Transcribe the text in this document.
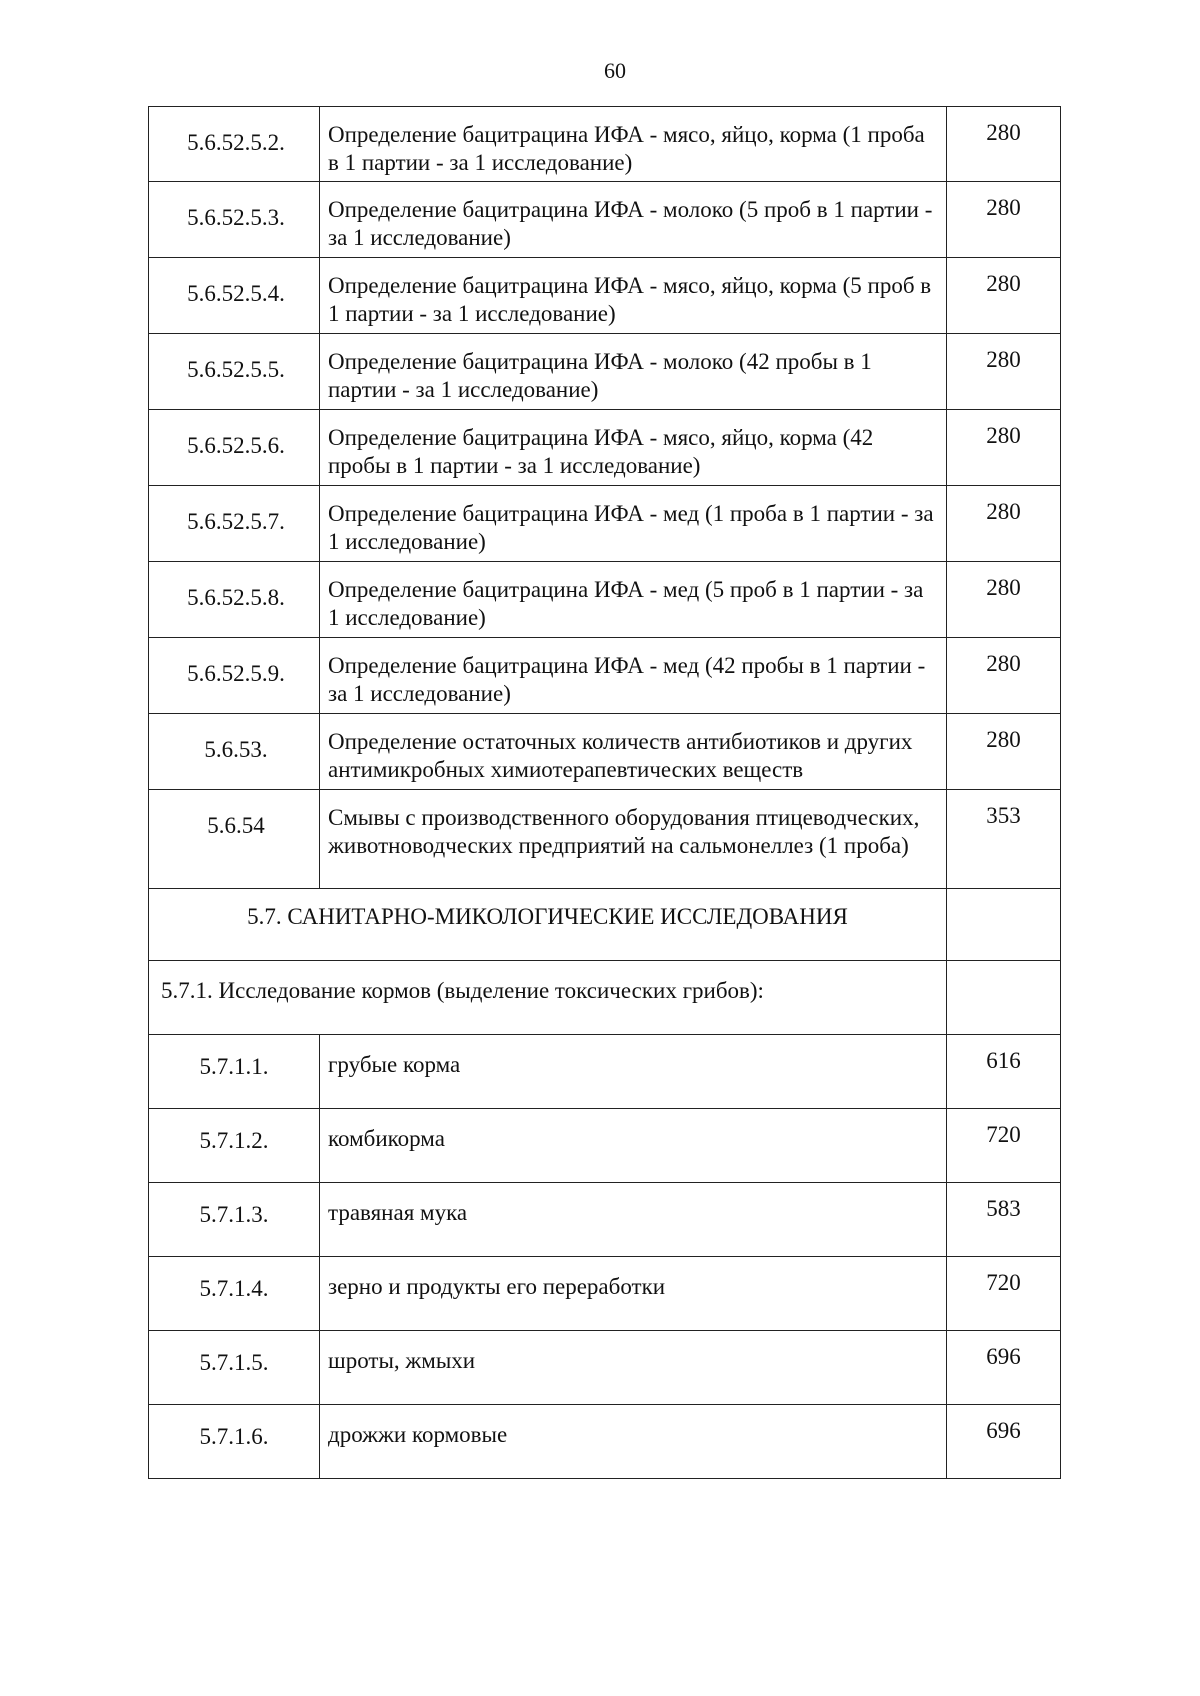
60
5.6.52.5.2.	Определение бацитрацина ИФА - мясо, яйцо, корма (1 проба в 1 партии - за 1 исследование)	280
5.6.52.5.3.	Определение бацитрацина ИФА - молоко (5 проб в 1 партии - за 1 исследование)	280
5.6.52.5.4.	Определение бацитрацина ИФА - мясо, яйцо, корма (5 проб в 1 партии - за 1 исследование)	280
5.6.52.5.5.	Определение бацитрацина ИФА - молоко (42 пробы в 1 партии - за 1 исследование)	280
5.6.52.5.6.	Определение бацитрацина ИФА - мясо, яйцо, корма (42 пробы в 1 партии - за 1 исследование)	280
5.6.52.5.7.	Определение бацитрацина ИФА - мед (1 проба в 1 партии - за 1 исследование)	280
5.6.52.5.8.	Определение бацитрацина ИФА - мед (5 проб в 1 партии - за 1 исследование)	280
5.6.52.5.9.	Определение бацитрацина ИФА - мед (42 пробы в 1 партии - за 1 исследование)	280
5.6.53.	Определение остаточных количеств антибиотиков и других антимикробных химиотерапевтических веществ	280
5.6.54	Смывы с производственного оборудования птицеводческих, животноводческих предприятий на сальмонеллез (1 проба)	353
5.7. САНИТАРНО-МИКОЛОГИЧЕСКИЕ ИССЛЕДОВАНИЯ		
5.7.1. Исследование кормов (выделение токсических грибов):		
5.7.1.1.	грубые корма	616
5.7.1.2.	комбикорма	720
5.7.1.3.	травяная мука	583
5.7.1.4.	зерно и продукты его переработки	720
5.7.1.5.	шроты, жмыхи	696
5.7.1.6.	дрожжи кормовые	696
